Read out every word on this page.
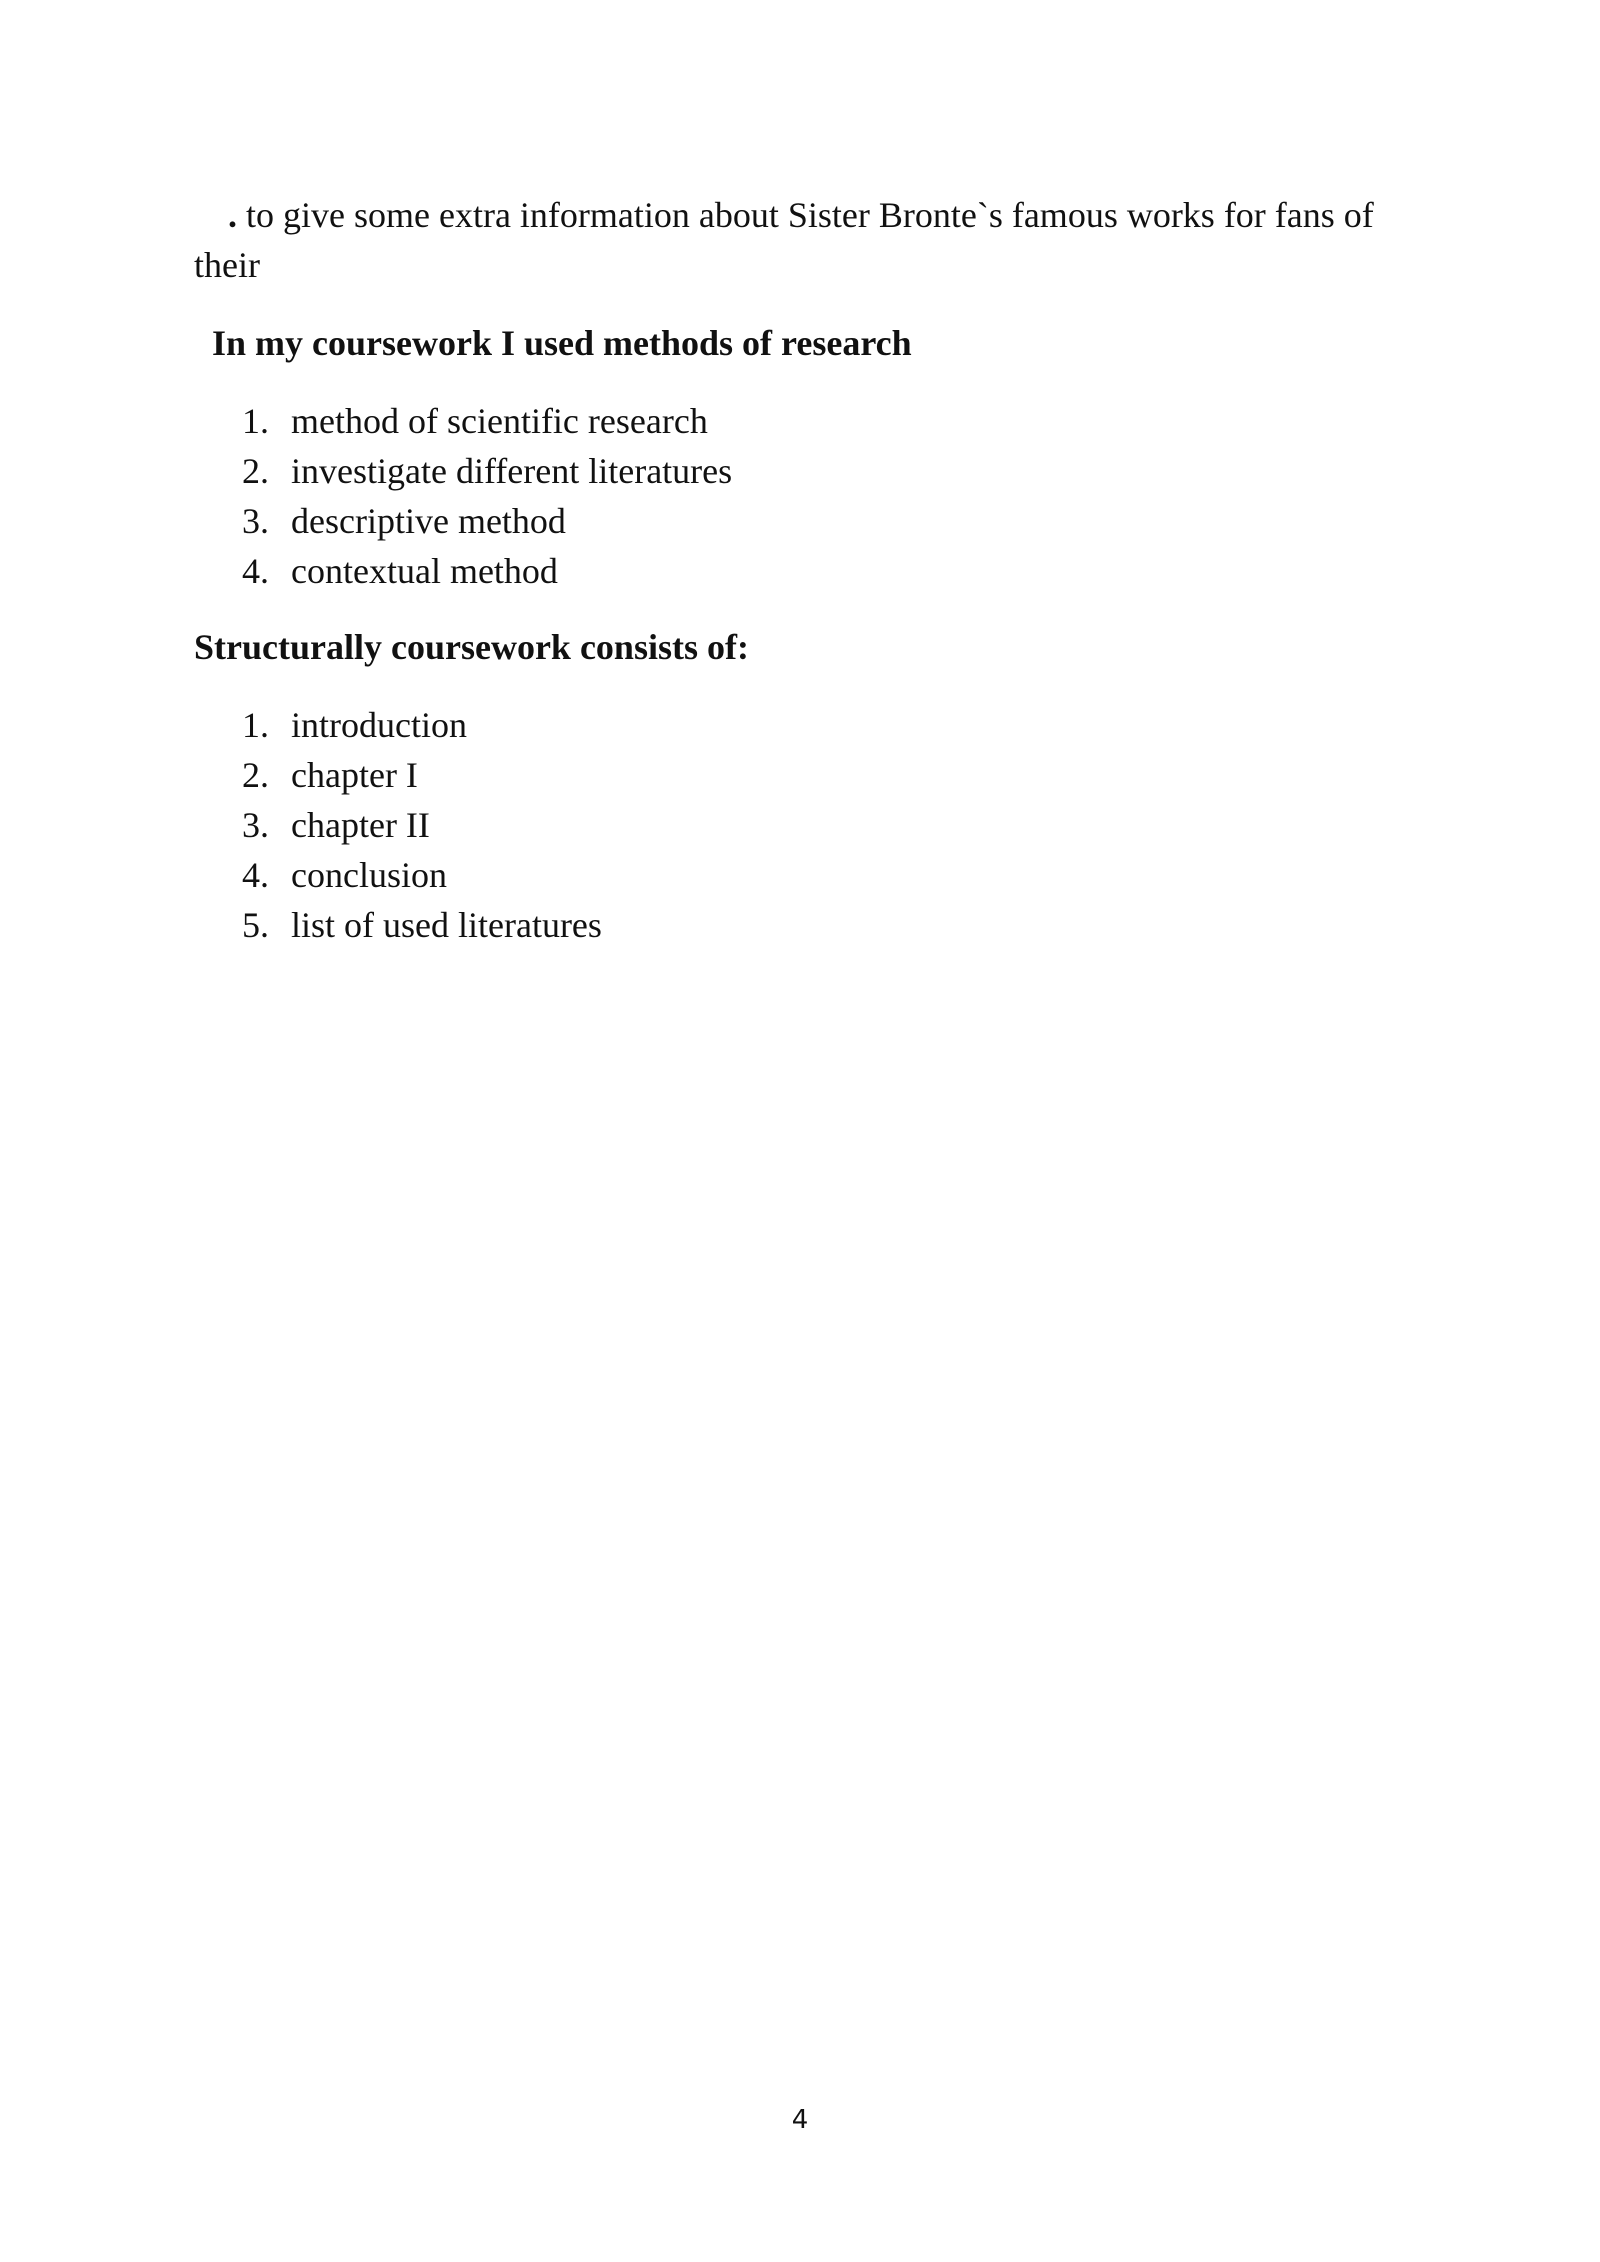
. to give some extra information about Sister Bronte`s famous works for fans of their

In my coursework I used methods of research
1. method of scientific research
2. investigate different literatures
3. descriptive method
4. contextual method
Structurally coursework consists of:
1. introduction
2. chapter I
3. chapter II
4. conclusion
5. list of used literatures
4
